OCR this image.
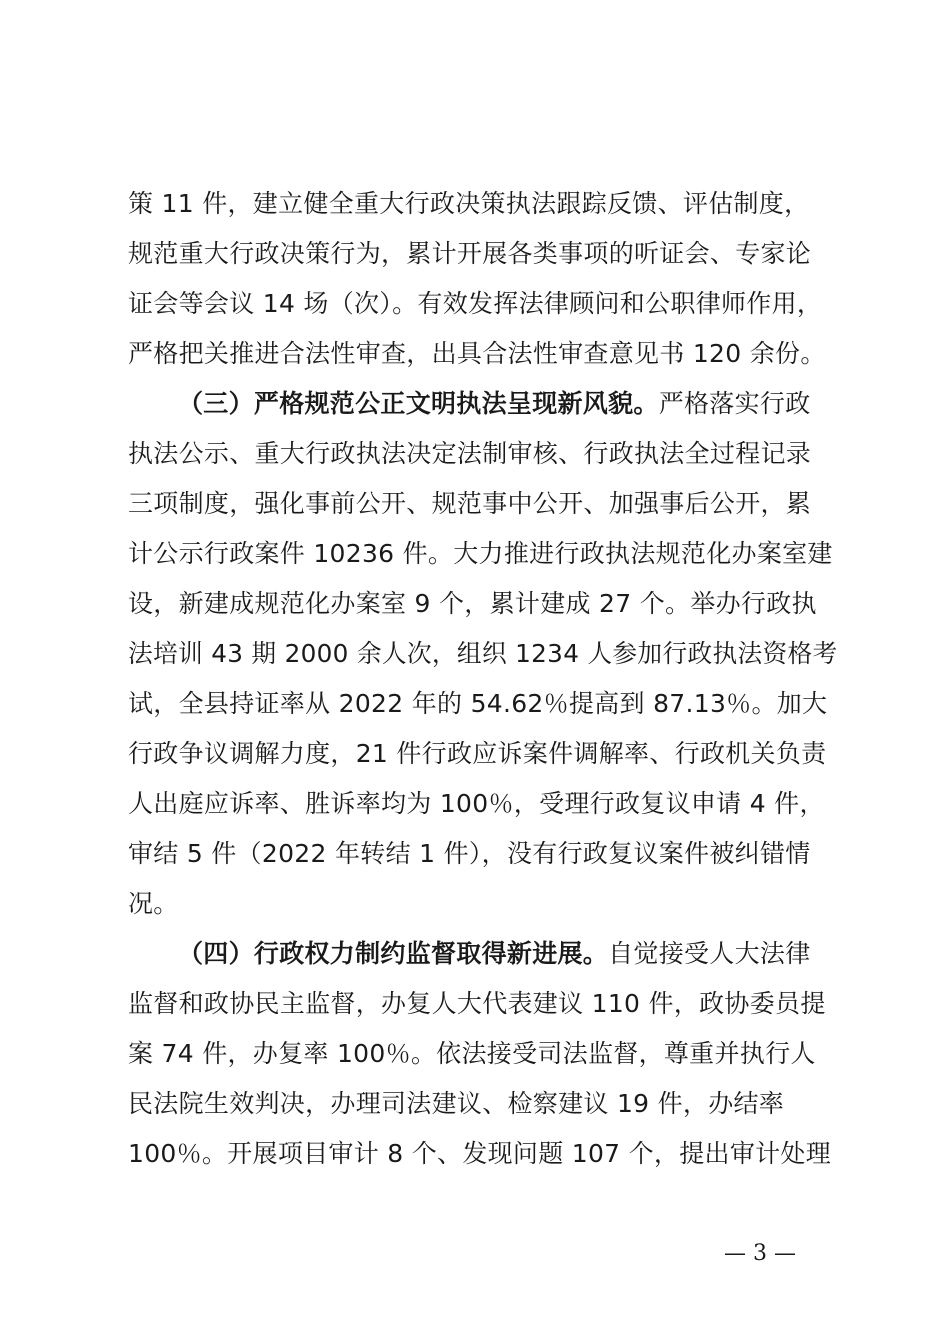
策 11 件，建立健全重大行政决策执法跟踪反馈、评估制度，
规范重大行政决策行为，累计开展各类事项的听证会、专家论
证会等会议 14 场（次）。有效发挥法律顾问和公职律师作用，
严格把关推进合法性审查，出具合法性审查意见书 120 余份。
（三）严格规范公正文明执法呈现新风貌。严格落实行政
执法公示、重大行政执法决定法制审核、行政执法全过程记录
三项制度，强化事前公开、规范事中公开、加强事后公开，累
计公示行政案件 10236 件。大力推进行政执法规范化办案室建
设，新建成规范化办案室 9 个，累计建成 27 个。举办行政执
法培训 43 期 2000 余人次，组织 1234 人参加行政执法资格考
试，全县持证率从 2022 年的 54.62％提高到 87.13％。加大
行政争议调解力度，21 件行政应诉案件调解率、行政机关负责
人出庭应诉率、胜诉率均为 100％，受理行政复议申请 4 件，
审结 5 件（2022 年转结 1 件），没有行政复议案件被纠错情
况。
（四）行政权力制约监督取得新进展。自觉接受人大法律
监督和政协民主监督，办复人大代表建议 110 件，政协委员提
案 74 件，办复率 100％。依法接受司法监督，尊重并执行人
民法院生效判决，办理司法建议、检察建议 19 件，办结率
100％。开展项目审计 8 个、发现问题 107 个，提出审计处理
— 3 —
